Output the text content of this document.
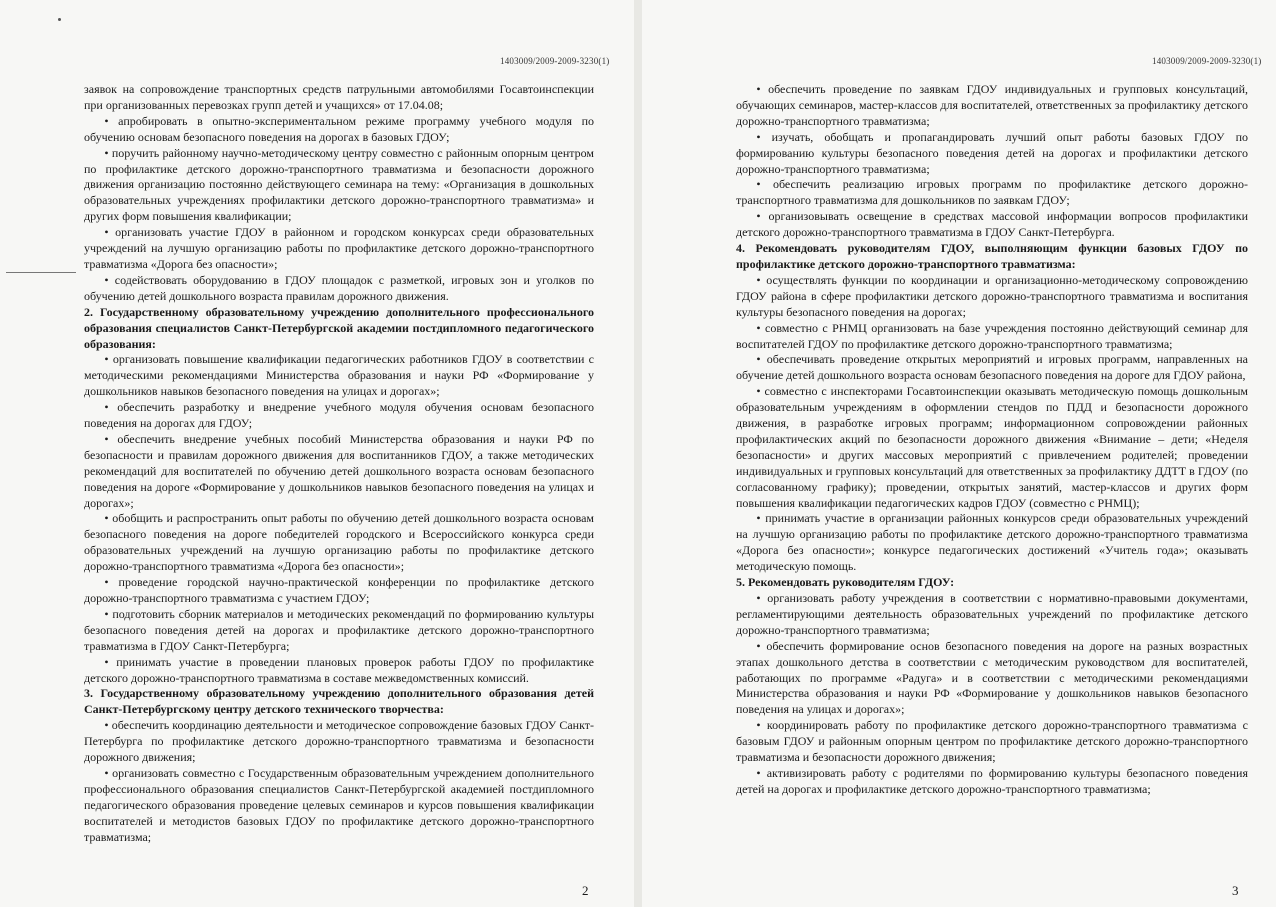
1403009/2009-2009-3230(1)

заявок на сопровождение транспортных средств патрульными автомобилями Госавтоинспекции при организованных перевозках групп детей и учащихся» от 17.04.08;

• апробировать в опытно-экспериментальном режиме программу учебного модуля по обучению основам безопасного поведения на дорогах в базовых ГДОУ;

• поручить районному научно-методическому центру совместно с районным опорным центром по профилактике детского дорожно-транспортного травматизма и безопасности дорожного движения организацию постоянно действующего семинара на тему: «Организация в дошкольных образовательных учреждениях профилактики детского дорожно-транспортного травматизма» и других форм повышения квалификации;

• организовать участие ГДОУ в районном и городском конкурсах среди образовательных учреждений на лучшую организацию работы по профилактике детского дорожно-транспортного травматизма «Дорога без опасности»;

• содействовать оборудованию в ГДОУ площадок с разметкой, игровых зон и уголков по обучению детей дошкольного возраста правилам дорожного движения.

2. Государственному образовательному учреждению дополнительного профессионального образования специалистов Санкт-Петербургской академии постдипломного педагогического образования:

• организовать повышение квалификации педагогических работников ГДОУ в соответствии с методическими рекомендациями Министерства образования и науки РФ «Формирование у дошкольников навыков безопасного поведения на улицах и дорогах»;

• обеспечить разработку и внедрение учебного модуля обучения основам безопасного поведения на дорогах для ГДОУ;

• обеспечить внедрение учебных пособий Министерства образования и науки РФ по безопасности и правилам дорожного движения для воспитанников ГДОУ, а также методических рекомендаций для воспитателей по обучению детей дошкольного возраста основам безопасного поведения на дороге «Формирование у дошкольников навыков безопасного поведения на улицах и дорогах»;

• обобщить и распространить опыт работы по обучению детей дошкольного возраста основам безопасного поведения на дороге победителей городского и Всероссийского конкурса среди образовательных учреждений на лучшую организацию работы по профилактике детского дорожно-транспортного травматизма «Дорога без опасности»;

• проведение городской научно-практической конференции по профилактике детского дорожно-транспортного травматизма с участием ГДОУ;

• подготовить сборник материалов и методических рекомендаций по формированию культуры безопасного поведения детей на дорогах и профилактике детского дорожно-транспортного травматизма в ГДОУ Санкт-Петербурга;

• принимать участие в проведении плановых проверок работы ГДОУ по профилактике детского дорожно-транспортного травматизма в составе межведомственных комиссий.

3. Государственному образовательному учреждению дополнительного образования детей Санкт-Петербургскому центру детского технического творчества:

• обеспечить координацию деятельности и методическое сопровождение базовых ГДОУ Санкт-Петербурга по профилактике детского дорожно-транспортного травматизма и безопасности дорожного движения;

• организовать совместно с Государственным образовательным учреждением дополнительного профессионального образования специалистов Санкт-Петербургской академией постдипломного педагогического образования проведение целевых семинаров и курсов повышения квалификации воспитателей и методистов базовых ГДОУ по профилактике детского дорожно-транспортного травматизма;

2
1403009/2009-2009-3230(1)

• обеспечить проведение по заявкам ГДОУ индивидуальных и групповых консультаций, обучающих семинаров, мастер-классов для воспитателей, ответственных за профилактику детского дорожно-транспортного травматизма;

• изучать, обобщать и пропагандировать лучший опыт работы базовых ГДОУ по формированию культуры безопасного поведения детей на дорогах и профилактики детского дорожно-транспортного травматизма;

• обеспечить реализацию игровых программ по профилактике детского дорожно-транспортного травматизма для дошкольников по заявкам ГДОУ;

• организовывать освещение в средствах массовой информации вопросов профилактики детского дорожно-транспортного травматизма в ГДОУ Санкт-Петербурга.

4. Рекомендовать руководителям ГДОУ, выполняющим функции базовых ГДОУ по профилактике детского дорожно-транспортного травматизма:

• осуществлять функции по координации и организационно-методическому сопровождению ГДОУ района в сфере профилактики детского дорожно-транспортного травматизма и воспитания культуры безопасного поведения на дорогах;

• совместно с РНМЦ организовать на базе учреждения постоянно действующий семинар для воспитателей ГДОУ по профилактике детского дорожно-транспортного травматизма;

• обеспечивать проведение открытых мероприятий и игровых программ, направленных на обучение детей дошкольного возраста основам безопасного поведения на дороге для ГДОУ района,

• совместно с инспекторами Госавтоинспекции оказывать методическую помощь дошкольным образовательным учреждениям в оформлении стендов по ПДД и безопасности дорожного движения, в разработке игровых программ; информационном сопровождении районных профилактических акций по безопасности дорожного движения «Внимание – дети; «Неделя безопасности» и других массовых мероприятий с привлечением родителей; проведении индивидуальных и групповых консультаций для ответственных за профилактику ДДТТ в ГДОУ (по согласованному графику); проведении, открытых занятий, мастер-классов и других форм повышения квалификации педагогических кадров ГДОУ (совместно с РНМЦ);

• принимать участие в организации районных конкурсов среди образовательных учреждений на лучшую организацию работы по профилактике детского дорожно-транспортного травматизма «Дорога без опасности»; конкурсе педагогических достижений «Учитель года»; оказывать методическую помощь.

5. Рекомендовать руководителям ГДОУ:

• организовать работу учреждения в соответствии с нормативно-правовыми документами, регламентирующими деятельность образовательных учреждений по профилактике детского дорожно-транспортного травматизма;

• обеспечить формирование основ безопасного поведения на дороге на разных возрастных этапах дошкольного детства в соответствии с методическим руководством для воспитателей, работающих по программе «Радуга» и в соответствии с методическими рекомендациями Министерства образования и науки РФ «Формирование у дошкольников навыков безопасного поведения на улицах и дорогах»;

• координировать работу по профилактике детского дорожно-транспортного травматизма с базовым ГДОУ и районным опорным центром по профилактике детского дорожно-транспортного травматизма и безопасности дорожного движения;

• активизировать работу с родителями по формированию культуры безопасного поведения детей на дорогах и профилактике детского дорожно-транспортного травматизма;

3
